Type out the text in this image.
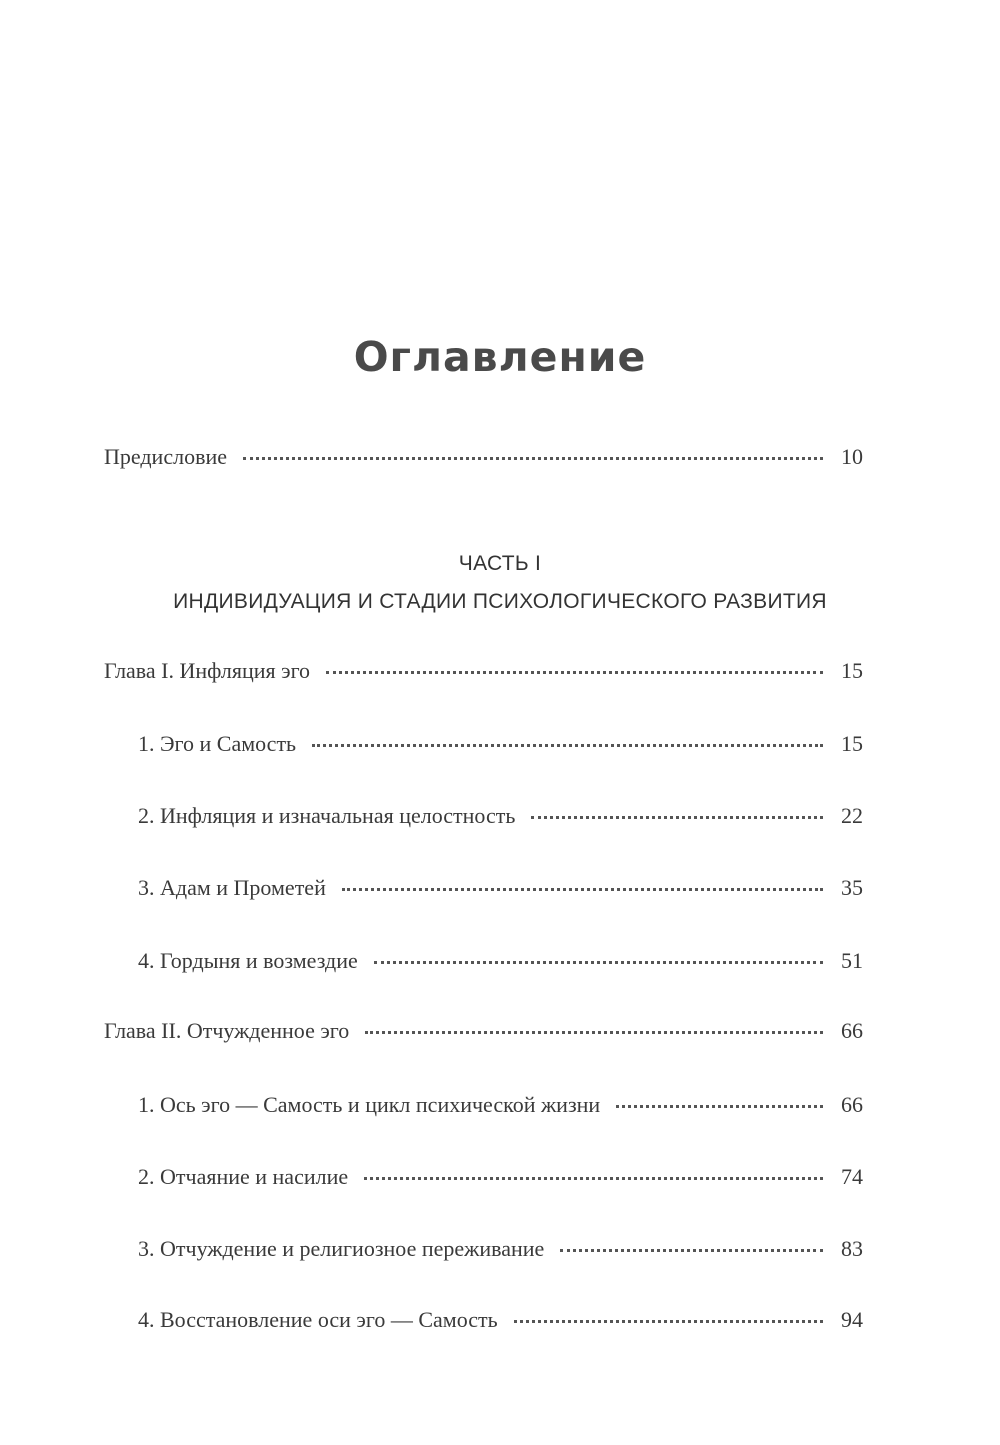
Оглавление
Предисловие	10
ЧАСТЬ I
ИНДИВИДУАЦИЯ И СТАДИИ ПСИХОЛОГИЧЕСКОГО РАЗВИТИЯ
Глава I. Инфляция эго	15
1. Эго и Самость	15
2. Инфляция и изначальная целостность	22
3. Адам и Прометей	35
4. Гордыня и возмездие	51
Глава II. Отчужденное эго	66
1. Ось эго — Самость и цикл психической жизни	66
2. Отчаяние и насилие	74
3. Отчуждение и религиозное переживание	83
4. Восстановление оси эго — Самость	94
